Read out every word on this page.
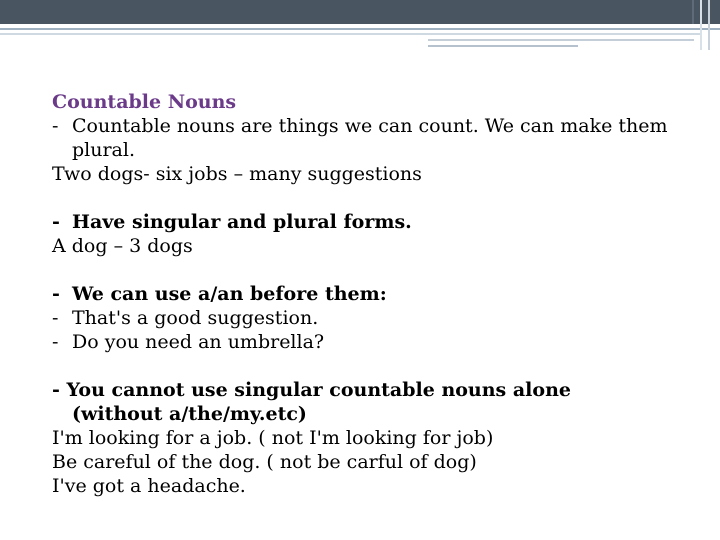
Countable Nouns
- Countable nouns are things we can count. We can make them
plural.
Two dogs- six jobs – many suggestions
- Have singular and plural forms.
A dog – 3 dogs
- We can use a/an before them:
- That's a good suggestion.
- Do you need an umbrella?
- You cannot use singular countable nouns alone
(without a/the/my.etc)
I'm looking for a job. ( not I'm looking for job)
Be careful of the dog. ( not be carful of dog)
I've got a headache.
